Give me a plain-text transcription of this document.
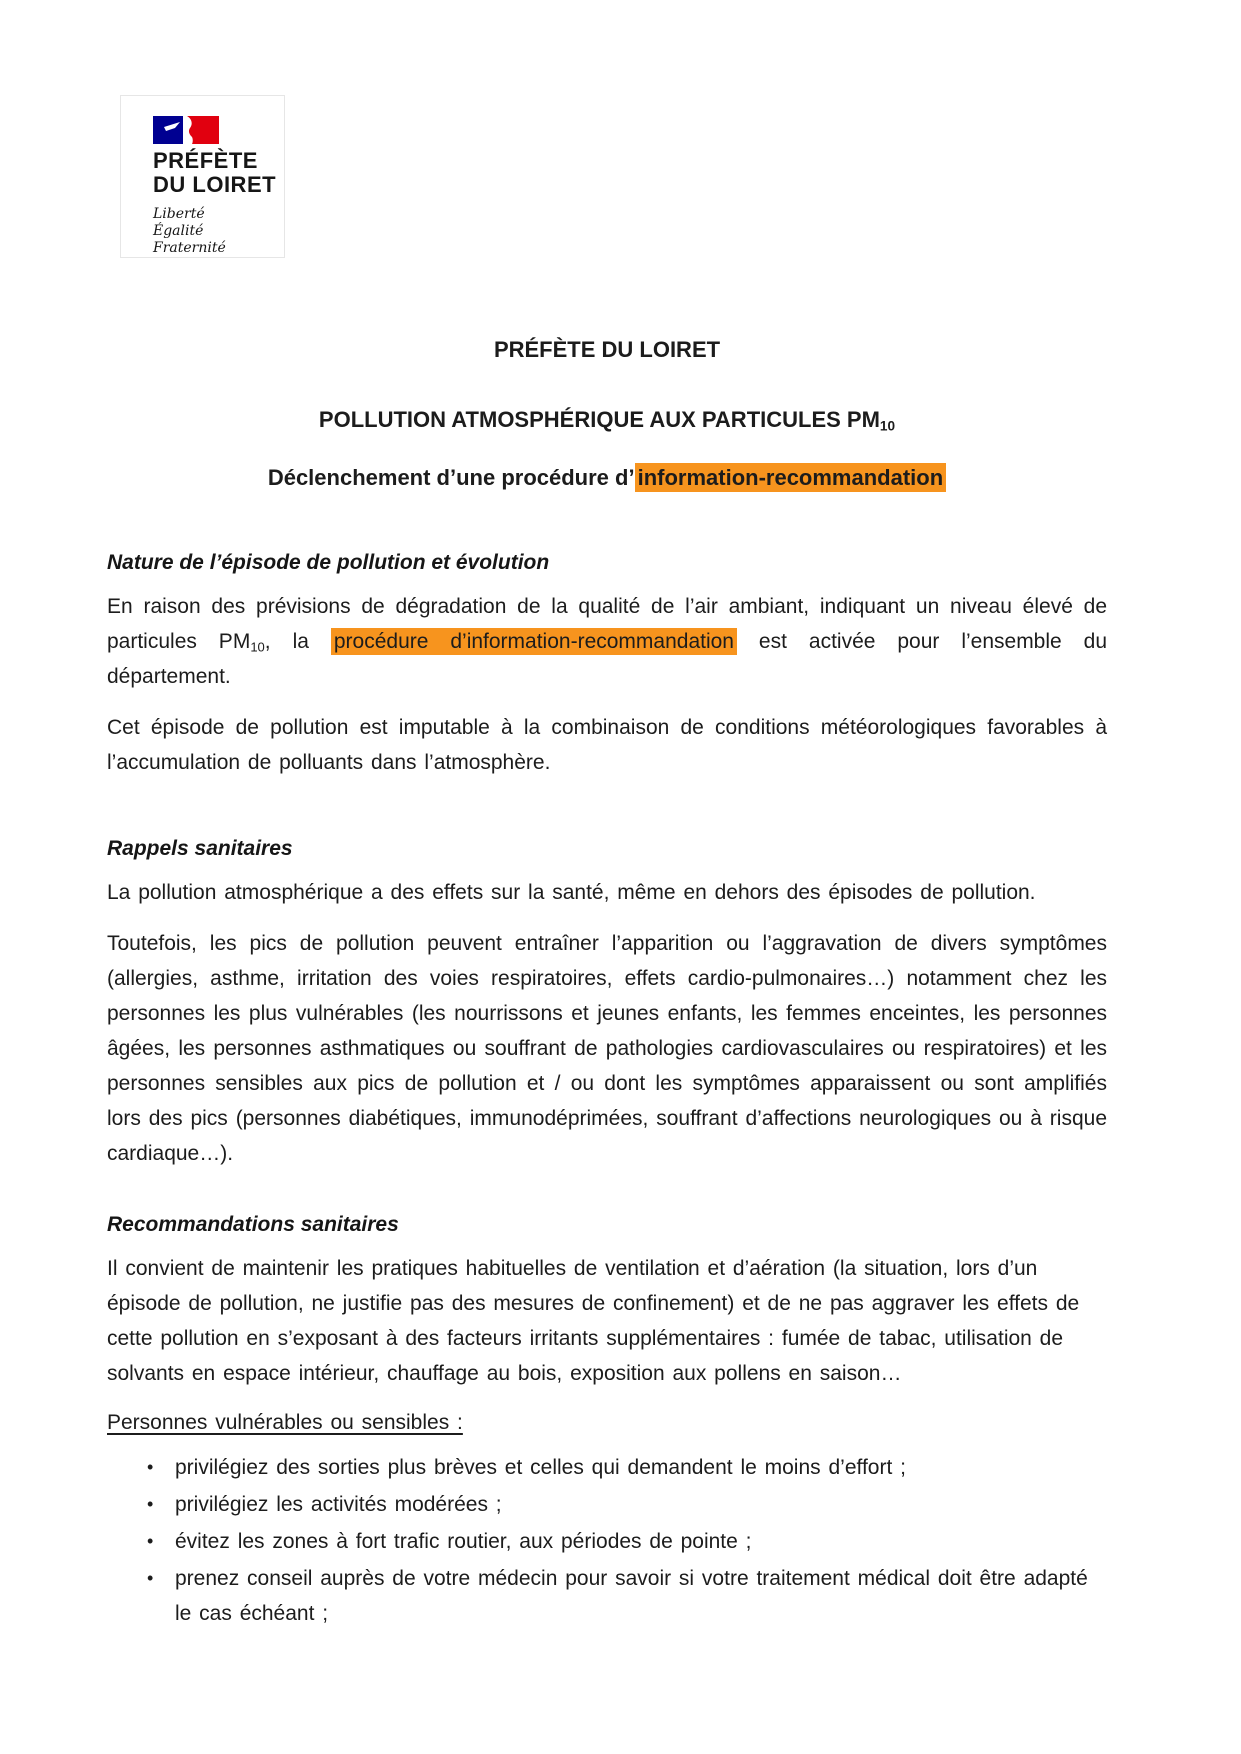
PRÉFÈTE
DU LOIRET
Liberté
Égalité
Fraternité
PRÉFÈTE DU LOIRET
POLLUTION ATMOSPHÉRIQUE AUX PARTICULES $PM_{10}$
Déclenchement d’une procédure d’ information-recommandation
Nature de l’épisode de pollution et évolution

En raison des prévisions de dégradation de la qualité de l’air ambiant, indiquant un niveau élevé de particules $PM_{10}$, la procédure d’information-recommandation est activée pour l’ensemble du département.

Cet épisode de pollution est imputable à la combinaison de conditions météorologiques favorables à l’accumulation de polluants dans l’atmosphère.

Rappels sanitaires

La pollution atmosphérique a des effets sur la santé, même en dehors des épisodes de pollution.

Toutefois, les pics de pollution peuvent entraîner l’apparition ou l’aggravation de divers symptômes (allergies, asthme, irritation des voies respiratoires, effets cardio-pulmonaires…) notamment chez les personnes les plus vulnérables (les nourrissons et jeunes enfants, les femmes enceintes, les personnes âgées, les personnes asthmatiques ou souffrant de pathologies cardiovasculaires ou respiratoires) et les personnes sensibles aux pics de pollution et / ou dont les symptômes apparaissent ou sont amplifiés lors des pics (personnes diabétiques, immunodéprimées, souffrant d’affections neurologiques ou à risque cardiaque…).

Recommandations sanitaires

Il convient de maintenir les pratiques habituelles de ventilation et d’aération (la situation, lors d’un épisode de pollution, ne justifie pas des mesures de confinement) et de ne pas aggraver les effets de cette pollution en s’exposant à des facteurs irritants supplémentaires : fumée de tabac, utilisation de solvants en espace intérieur, chauffage au bois, exposition aux pollens en saison…

Personnes vulnérables ou sensibles :
• privilégiez des sorties plus brèves et celles qui demandent le moins d’effort ;
• privilégiez les activités modérées ;
• évitez les zones à fort trafic routier, aux périodes de pointe ;
• prenez conseil auprès de votre médecin pour savoir si votre traitement médical doit être adapté le cas échéant ;
